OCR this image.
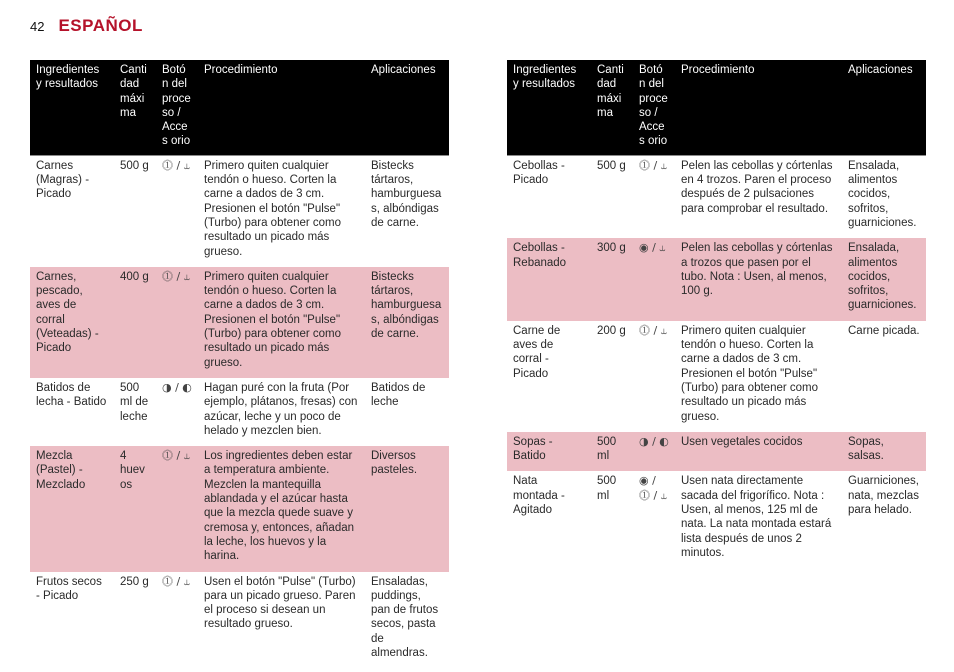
42 ESPAÑOL
Ingredientes y resultados	Canti dad máxi ma	Botón del proce so / Acces orio	Procedimiento	Aplicaciones
Carnes (Magras) - Picado	500 g	⓵ / ⥿	Primero quiten cualquier tendón o hueso. Corten la carne a dados de 3 cm. Presionen el botón "Pulse" (Turbo) para obtener como resultado un picado más grueso.	Bistecks tártaros, hamburguesas, albóndigas de carne.
Carnes, pescado, aves de corral (Veteadas) - Picado	400 g	⓵ / ⥿	Primero quiten cualquier tendón o hueso. Corten la carne a dados de 3 cm. Presionen el botón "Pulse" (Turbo) para obtener como resultado un picado más grueso.	Bistecks tártaros, hamburguesas, albóndigas de carne.
Batidos de lecha - Batido	500 ml de leche	◑ / ◐	Hagan puré con la fruta (Por ejemplo, plátanos, fresas) con azúcar, leche y un poco de helado y mezclen bien.	Batidos de leche
Mezcla (Pastel) - Mezclado	4 huevos	⓵ / ⥿	Los ingredientes deben estar a temperatura ambiente. Mezclen la mantequilla ablandada y el azúcar hasta que la mezcla quede suave y cremosa y, entonces, añadan la leche, los huevos y la harina.	Diversos pasteles.
Frutos secos - Picado	250 g	⓵ / ⥿	Usen el botón "Pulse" (Turbo) para un picado grueso. Paren el proceso si desean un resultado grueso.	Ensaladas, puddings, pan de frutos secos, pasta de almendras.
Ingredientes y resultados	Canti dad máxi ma	Botón del proce so / Acces orio	Procedimiento	Aplicaciones
Cebollas - Picado	500 g	⓵ / ⥿	Pelen las cebollas y córtenlas en 4 trozos. Paren el proceso después de 2 pulsaciones para comprobar el resultado.	Ensalada, alimentos cocidos, sofritos, guarniciones.
Cebollas - Rebanado	300 g	◉ / ⥿	Pelen las cebollas y córtenlas a trozos que pasen por el tubo. Nota : Usen, al menos, 100 g.	Ensalada, alimentos cocidos, sofritos, guarniciones.
Carne de aves de corral - Picado	200 g	⓵ / ⥿	Primero quiten cualquier tendón o hueso. Corten la carne a dados de 3 cm. Presionen el botón "Pulse" (Turbo) para obtener como resultado un picado más grueso.	Carne picada.
Sopas - Batido	500 ml	◑ / ◐	Usen vegetales cocidos	Sopas, salsas.
Nata montada - Agitado	500 ml	◉ / ⓵ / ⥿	Usen nata directamente sacada del frigorífico. Nota : Usen, al menos, 125 ml de nata. La nata montada estará lista después de unos 2 minutos.	Guarniciones, nata, mezclas para helado.
